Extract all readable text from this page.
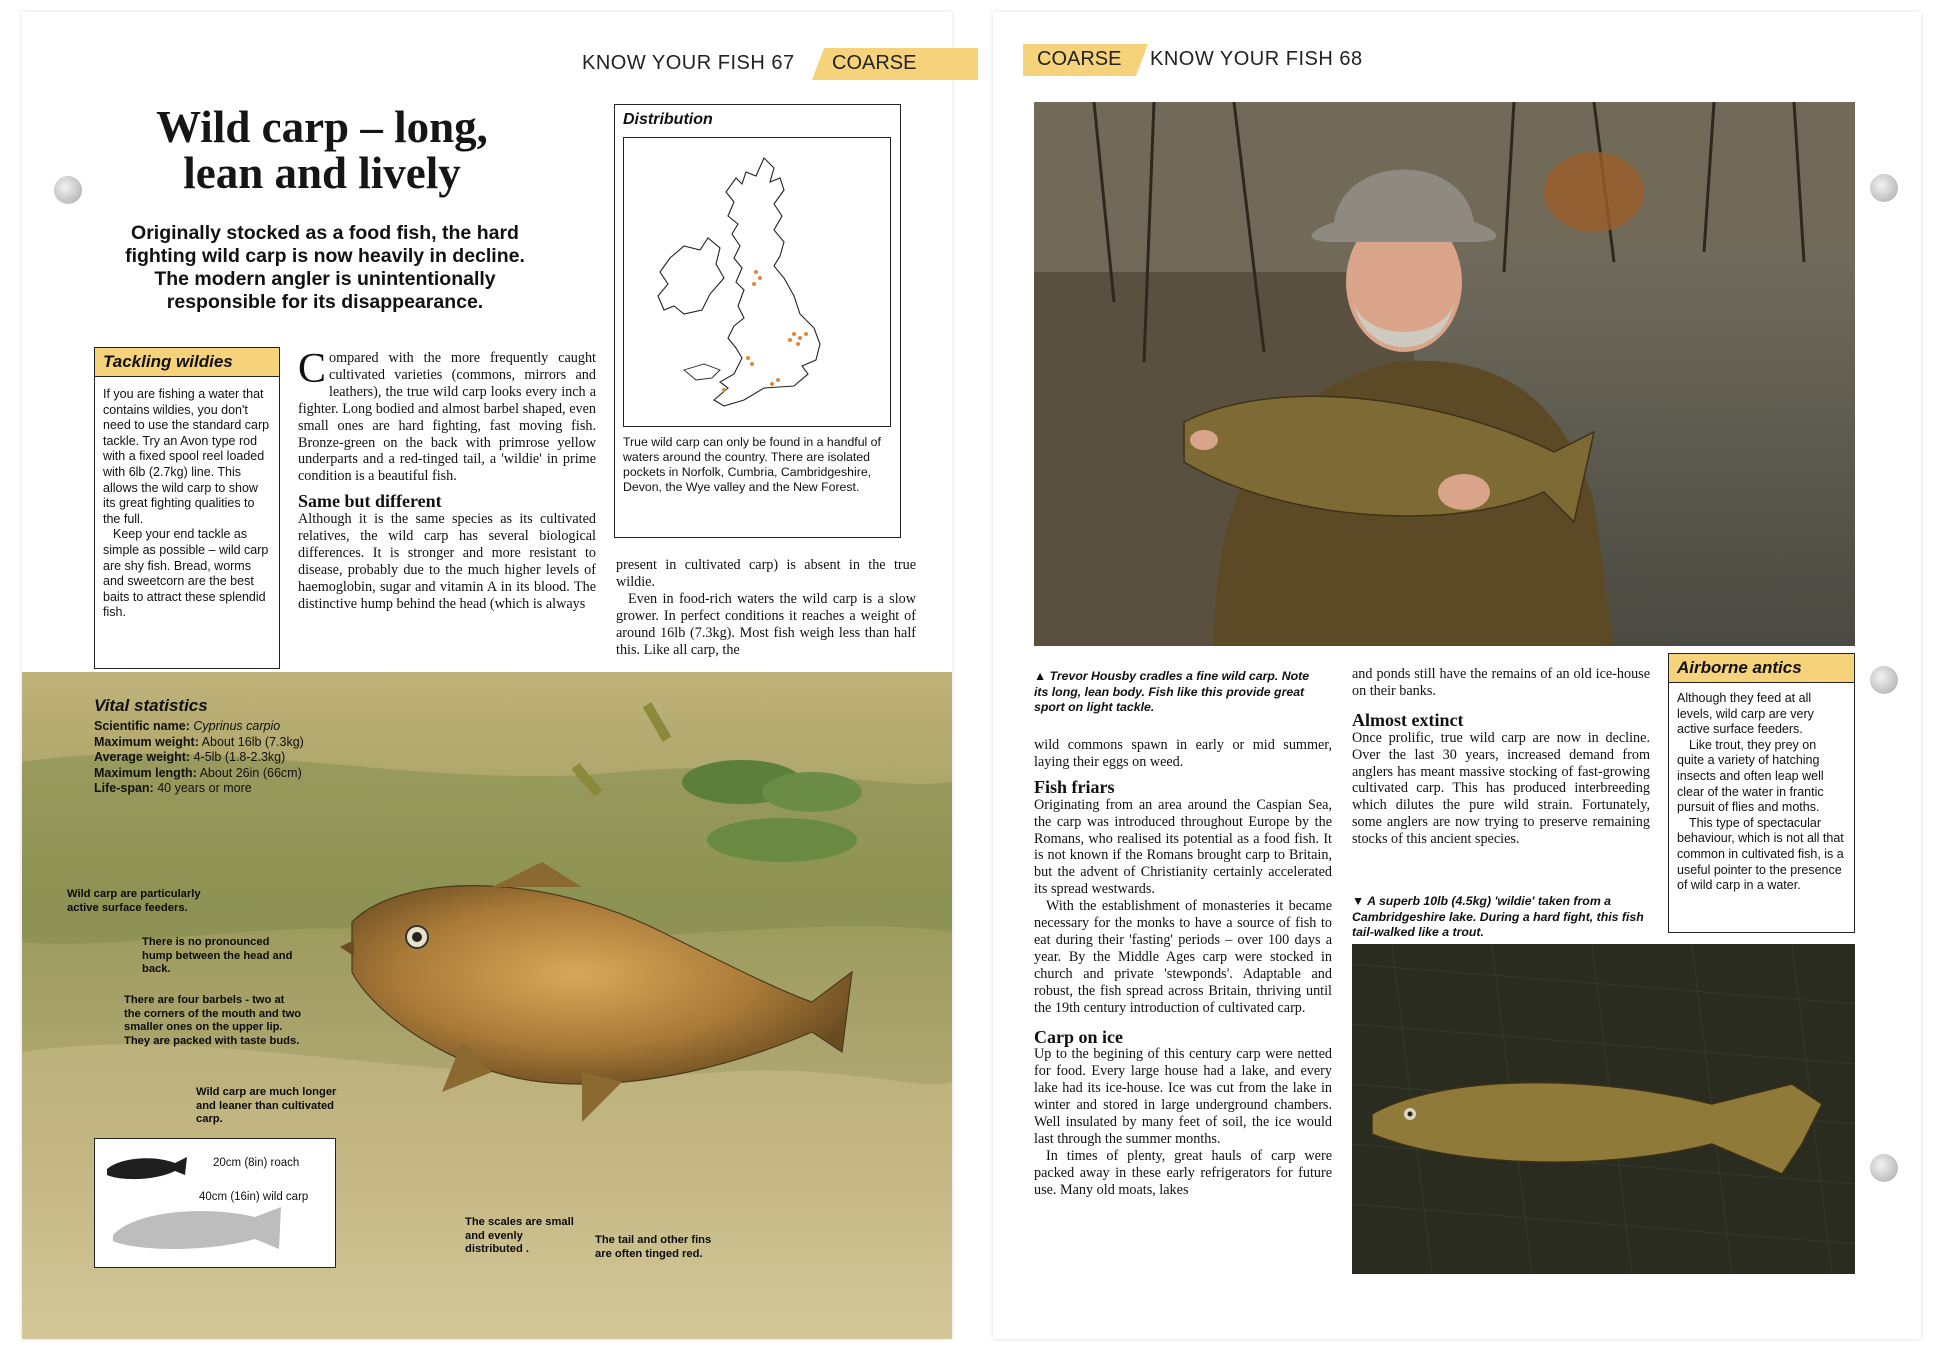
KNOW YOUR FISH 67 COARSE
Wild carp – long, lean and lively
Originally stocked as a food fish, the hard fighting wild carp is now heavily in decline. The modern angler is unintentionally responsible for its disappearance.
Tackling wildies

If you are fishing a water that contains wildies, you don't need to use the standard carp tackle. Try an Avon type rod with a fixed spool reel loaded with 6lb (2.7kg) line. This allows the wild carp to show its great fighting qualities to the full.

Keep your end tackle as simple as possible – wild carp are shy fish. Bread, worms and sweetcorn are the best baits to attract these splendid fish.

Compared with the more frequently caught cultivated varieties (commons, mirrors and leathers), the true wild carp looks every inch a fighter. Long bodied and almost barbel shaped, even small ones are hard fighting, fast moving fish. Bronze-green on the back with primrose yellow underparts and a red-tinged tail, a 'wildie' in prime condition is a beautiful fish.

Same but different

Although it is the same species as its cultivated relatives, the wild carp has several biological differences. It is stronger and more resistant to disease, probably due to the much higher levels of haemoglobin, sugar and vitamin A in its blood. The distinctive hump behind the head (which is always

Distribution
True wild carp can only be found in a handful of waters around the country. There are isolated pockets in Norfolk, Cumbria, Cambridgeshire, Devon, the Wye valley and the New Forest.

present in cultivated carp) is absent in the true wildie.

Even in food-rich waters the wild carp is a slow grower. In perfect conditions it reaches a weight of around 16lb (7.3kg). Most fish weigh less than half this. Like all carp, the

Vital statistics
Scientific name: Cyprinus carpio
Maximum weight: About 16lb (7.3kg)
Average weight: 4-5lb (1.8-2.3kg)
Maximum length: About 26in (66cm)
Life-span: 40 years or more
Wild carp are particularly active surface feeders.
There is no pronounced hump between the head and back.
There are four barbels - two at the corners of the mouth and two smaller ones on the upper lip. They are packed with taste buds.
Wild carp are much longer and leaner than cultivated carp.
The scales are small and evenly distributed .
The tail and other fins are often tinged red.
20cm (8in) roach
40cm (16in) wild carp
COARSE KNOW YOUR FISH 68
▲ Trevor Housby cradles a fine wild carp. Note its long, lean body. Fish like this provide great sport on light tackle.

wild commons spawn in early or mid summer, laying their eggs on weed.

Fish friars

Originating from an area around the Caspian Sea, the carp was introduced throughout Europe by the Romans, who realised its potential as a food fish. It is not known if the Romans brought carp to Britain, but the advent of Christianity certainly accelerated its spread westwards.

With the establishment of monasteries it became necessary for the monks to have a source of fish to eat during their 'fasting' periods – over 100 days a year. By the Middle Ages carp were stocked in church and private 'stewponds'. Adaptable and robust, the fish spread across Britain, thriving until the 19th century introduction of cultivated carp.

Carp on ice

Up to the begining of this century carp were netted for food. Every large house had a lake, and every lake had its ice-house. Ice was cut from the lake in winter and stored in large underground chambers. Well insulated by many feet of soil, the ice would last through the summer months.

In times of plenty, great hauls of carp were packed away in these early refrigerators for future use. Many old moats, lakes

and ponds still have the remains of an old ice-house on their banks.

Almost extinct

Once prolific, true wild carp are now in decline. Over the last 30 years, increased demand from anglers has meant massive stocking of fast-growing cultivated carp. This has produced interbreeding which dilutes the pure wild strain. Fortunately, some anglers are now trying to preserve remaining stocks of this ancient species.

▼ A superb 10lb (4.5kg) 'wildie' taken from a Cambridgeshire lake. During a hard fight, this fish tail-walked like a trout.
Airborne antics

Although they feed at all levels, wild carp are very active surface feeders.

Like trout, they prey on quite a variety of hatching insects and often leap well clear of the water in frantic pursuit of flies and moths.

This type of spectacular behaviour, which is not all that common in cultivated fish, is a useful pointer to the presence of wild carp in a water.
